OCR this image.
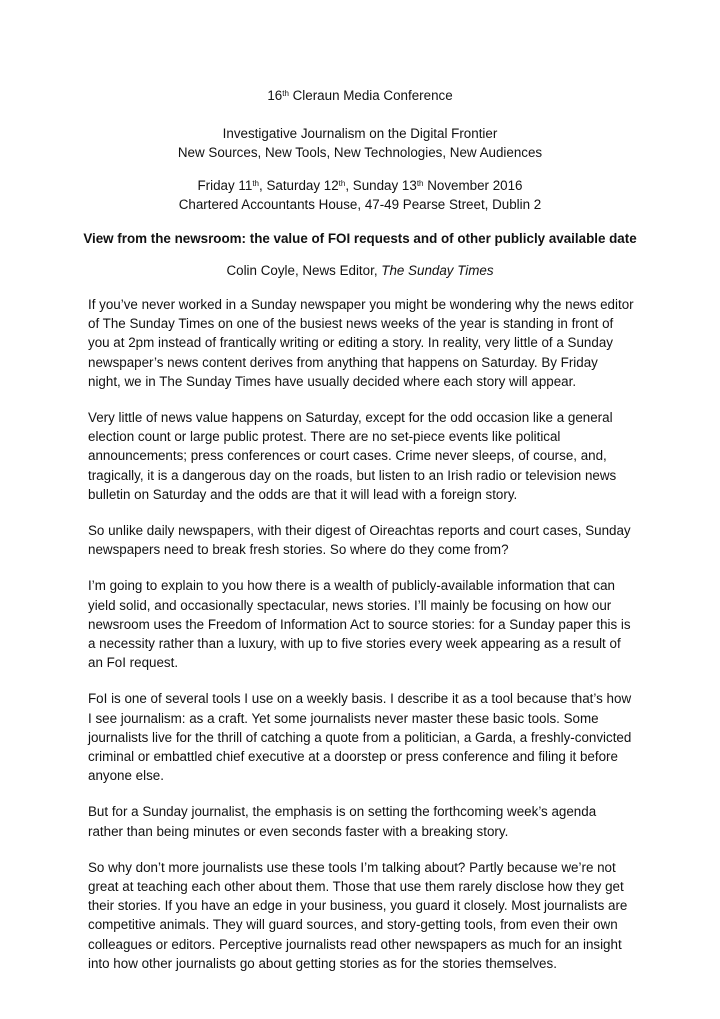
16th Cleraun Media Conference

Investigative Journalism on the Digital Frontier

New Sources, New Tools, New Technologies, New Audiences

Friday 11th, Saturday 12th, Sunday 13th November 2016

Chartered Accountants House, 47-49 Pearse Street, Dublin 2

View from the newsroom: the value of FOI requests and of other publicly available date

Colin Coyle, News Editor, The Sunday Times

If you’ve never worked in a Sunday newspaper you might be wondering why the news editor of The Sunday Times on one of the busiest news weeks of the year is standing in front of you at 2pm instead of frantically writing or editing a story. In reality, very little of a Sunday newspaper’s news content derives from anything that happens on Saturday. By Friday night, we in The Sunday Times have usually decided where each story will appear.

Very little of news value happens on Saturday, except for the odd occasion like a general election count or large public protest. There are no set-piece events like political announcements; press conferences or court cases. Crime never sleeps, of course, and, tragically, it is a dangerous day on the roads, but listen to an Irish radio or television news bulletin on Saturday and the odds are that it will lead with a foreign story.

So unlike daily newspapers, with their digest of Oireachtas reports and court cases, Sunday newspapers need to break fresh stories. So where do they come from?

I’m going to explain to you how there is a wealth of publicly-available information that can yield solid, and occasionally spectacular, news stories. I’ll mainly be focusing on how our newsroom uses the Freedom of Information Act to source stories: for a Sunday paper this is a necessity rather than a luxury, with up to five stories every week appearing as a result of an FoI request.

FoI is one of several tools I use on a weekly basis. I describe it as a tool because that’s how I see journalism: as a craft. Yet some journalists never master these basic tools. Some journalists live for the thrill of catching a quote from a politician, a Garda, a freshly-convicted criminal or embattled chief executive at a doorstep or press conference and filing it before anyone else.

But for a Sunday journalist, the emphasis is on setting the forthcoming week’s agenda rather than being minutes or even seconds faster with a breaking story.

So why don’t more journalists use these tools I’m talking about? Partly because we’re not great at teaching each other about them. Those that use them rarely disclose how they get their stories. If you have an edge in your business, you guard it closely. Most journalists are competitive animals. They will guard sources, and story-getting tools, from even their own colleagues or editors. Perceptive journalists read other newspapers as much for an insight into how other journalists go about getting stories as for the stories themselves.
